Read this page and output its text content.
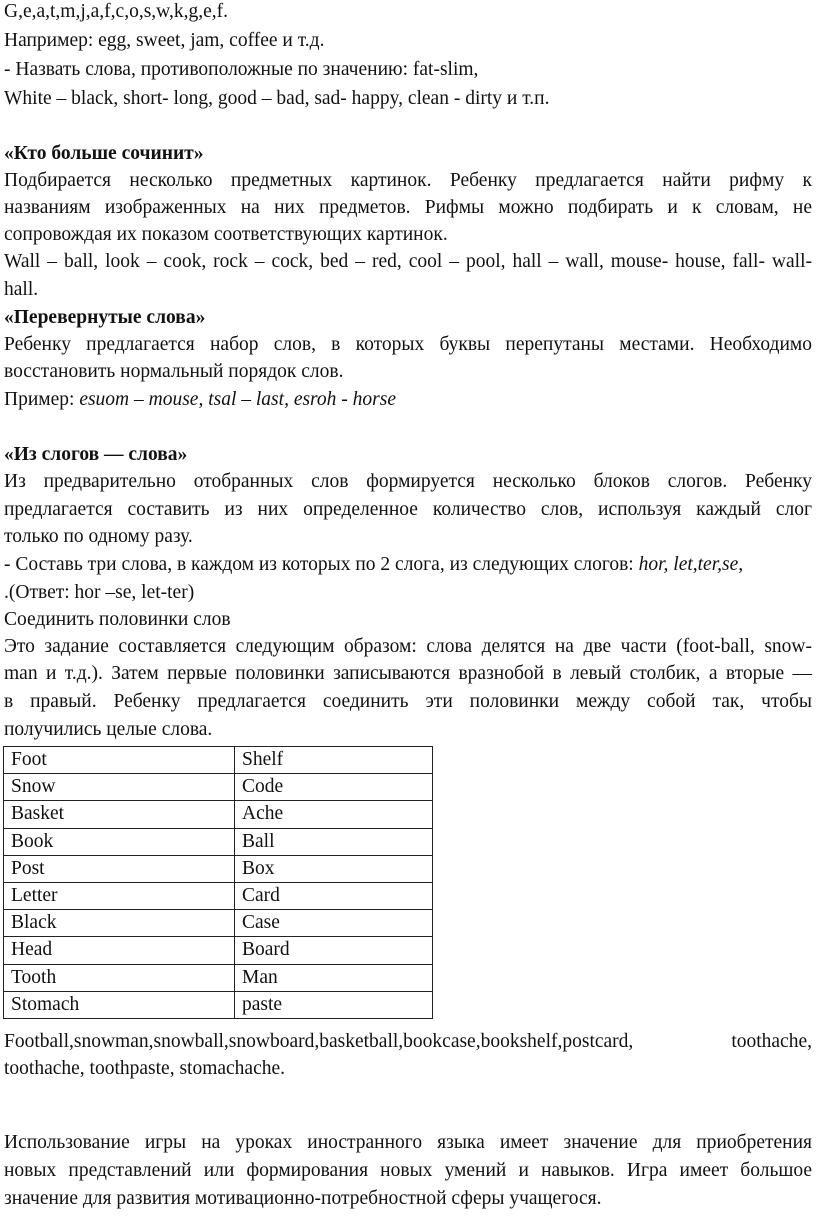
G,e,a,t,m,j,a,f,c,o,s,w,k,g,e,f.
Например: egg, sweet, jam, coffee и т.д.
- Назвать слова, противоположные по значению: fat-slim,
White – black, short- long, good – bad, sad- happy, clean - dirty и т.п.
«Кто больше сочинит»
Подбирается несколько предметных картинок. Ребенку предлагается найти рифму к
названиям изображенных на них предметов. Рифмы можно подбирать и к словам, не
сопровождая их показом соответствующих картинок.
Wall – ball, look – cook, rock – cock, bed – red, cool – pool, hall – wall, mouse- house, fall- wall-
hall.
«Перевернутые слова»
Ребенку предлагается набор слов, в которых буквы перепутаны местами. Необходимо
восстановить нормальный порядок слов.
Пример: esuom – mouse, tsal – last, esroh - horse
«Из слогов — слова»
Из предварительно отобранных слов формируется несколько блоков слогов. Ребенку
предлагается составить из них определенное количество слов, используя каждый слог
только по одному разу.
- Составь три слова, в каждом из которых по 2 слога, из следующих слогов: hor, let,ter,se,
.(Ответ: hor –se, let-ter)
Соединить половинки слов
Это задание составляется следующим образом: слова делятся на две части (foot-ball, snow-
man и т.д.). Затем первые половинки записываются вразнобой в левый столбик, а вторые —
в правый. Ребенку предлагается соединить эти половинки между собой так, чтобы
получились целые слова.
Foot	Shelf
Snow	Code
Basket	Ache
Book	Ball
Post	Box
Letter	Card
Black	Case
Head	Board
Tooth	Man
Stomach	paste
Football,snowman,snowball,snowboard,basketball,bookcase,bookshelf,postcard,	toothache,
toothache, toothpaste, stomachache.
Использование игры на уроках иностранного языка имеет значение для приобретения
новых представлений или формирования новых умений и навыков. Игра имеет большое
значение для развития мотивационно-потребностной сферы учащегося.
